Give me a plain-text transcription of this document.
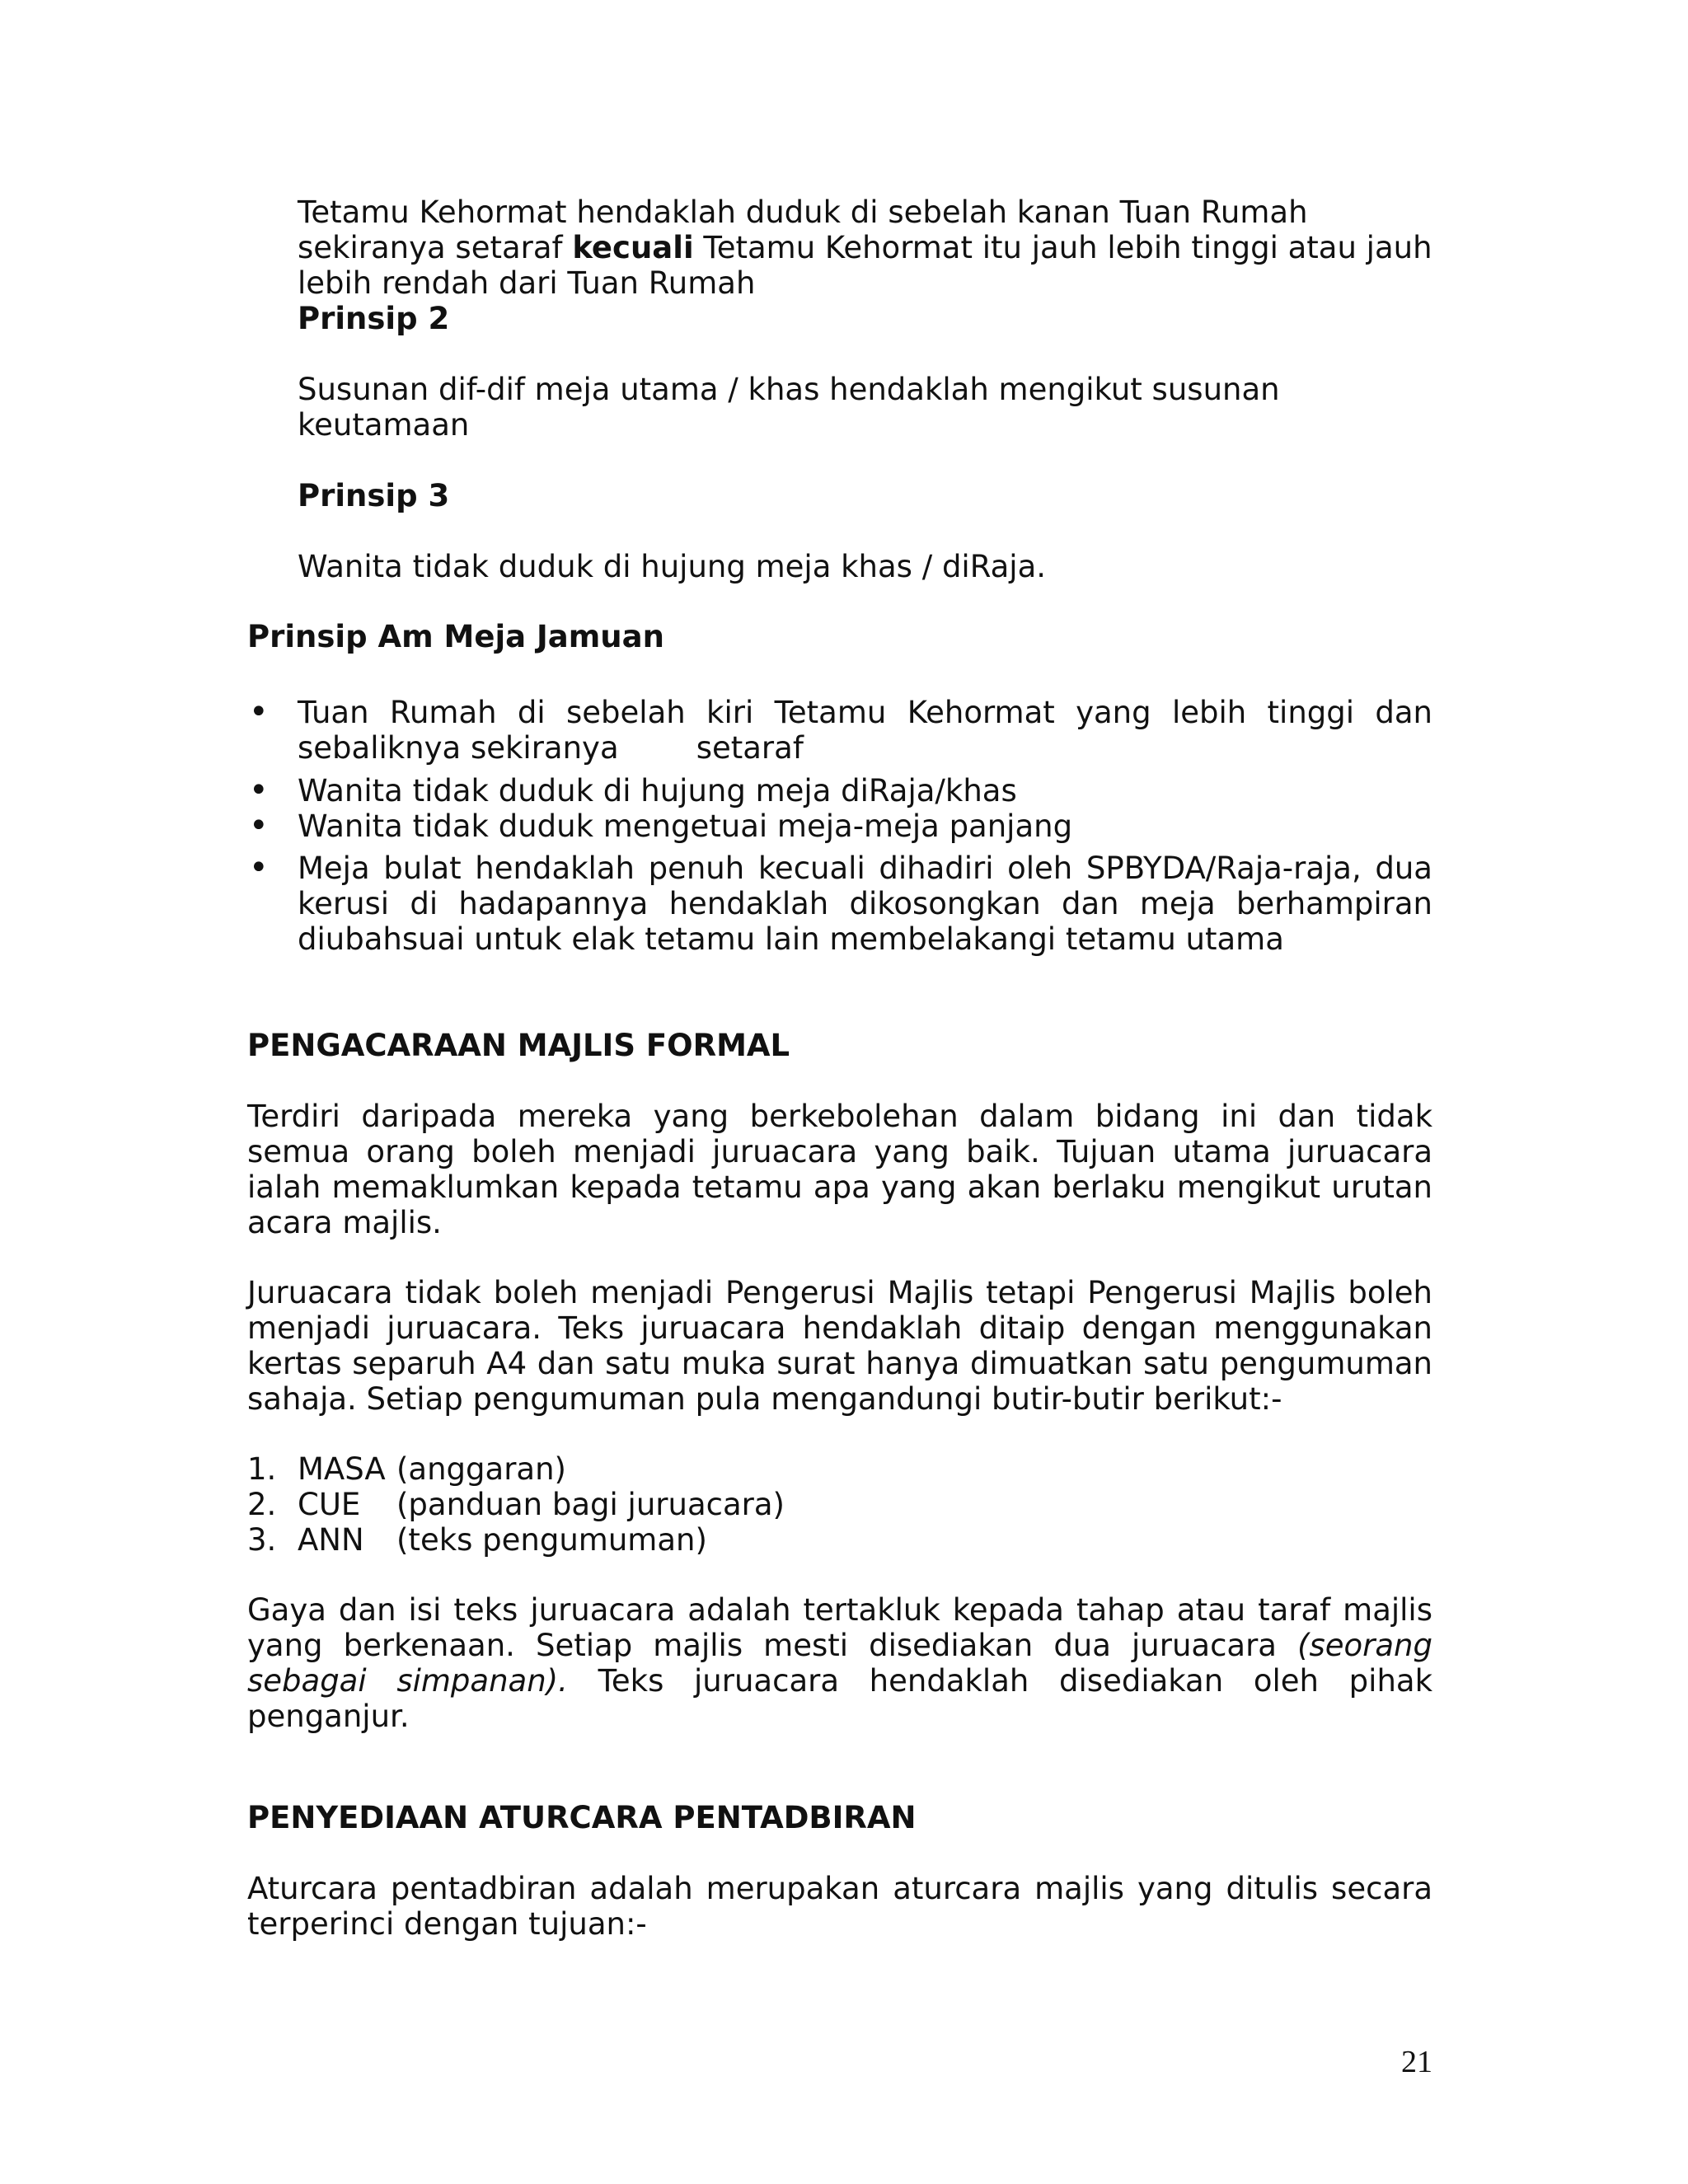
Tetamu Kehormat hendaklah duduk di sebelah kanan Tuan Rumah sekiranya setaraf kecuali Tetamu Kehormat itu jauh lebih tinggi atau jauh lebih rendah dari Tuan Rumah

Prinsip 2

Susunan dif-dif meja utama / khas hendaklah mengikut susunan keutamaan

Prinsip 3

Wanita tidak duduk di hujung meja khas / diRaja.

Prinsip Am Meja Jamuan

• Tuan Rumah di sebelah kiri Tetamu Kehormat yang lebih tinggi dan sebaliknya sekiranya        setaraf
• Wanita tidak duduk di hujung meja diRaja/khas
• Wanita tidak duduk mengetuai meja-meja panjang
• Meja bulat hendaklah penuh kecuali dihadiri oleh SPBYDA/Raja-raja, dua kerusi di hadapannya hendaklah dikosongkan dan meja berhampiran diubahsuai untuk elak tetamu lain membelakangi tetamu utama

PENGACARAAN MAJLIS FORMAL

Terdiri daripada mereka yang berkebolehan dalam bidang ini dan tidak semua orang boleh menjadi juruacara yang baik. Tujuan utama juruacara ialah memaklumkan kepada tetamu apa yang akan berlaku mengikut urutan acara majlis.

Juruacara tidak boleh menjadi Pengerusi Majlis tetapi Pengerusi Majlis boleh menjadi juruacara. Teks juruacara hendaklah ditaip dengan menggunakan kertas separuh A4 dan satu muka surat hanya dimuatkan satu pengumuman sahaja. Setiap pengumuman pula mengandungi butir-butir berikut:-

1. MASA (anggaran)
2. CUE	(panduan bagi juruacara)
3. ANN	(teks pengumuman)

Gaya dan isi teks juruacara adalah tertakluk kepada tahap atau taraf majlis yang berkenaan. Setiap majlis mesti disediakan dua juruacara (seorang sebagai simpanan). Teks juruacara hendaklah disediakan oleh pihak penganjur.

PENYEDIAAN ATURCARA PENTADBIRAN

Aturcara pentadbiran adalah merupakan aturcara majlis yang ditulis secara terperinci dengan tujuan:-

21
